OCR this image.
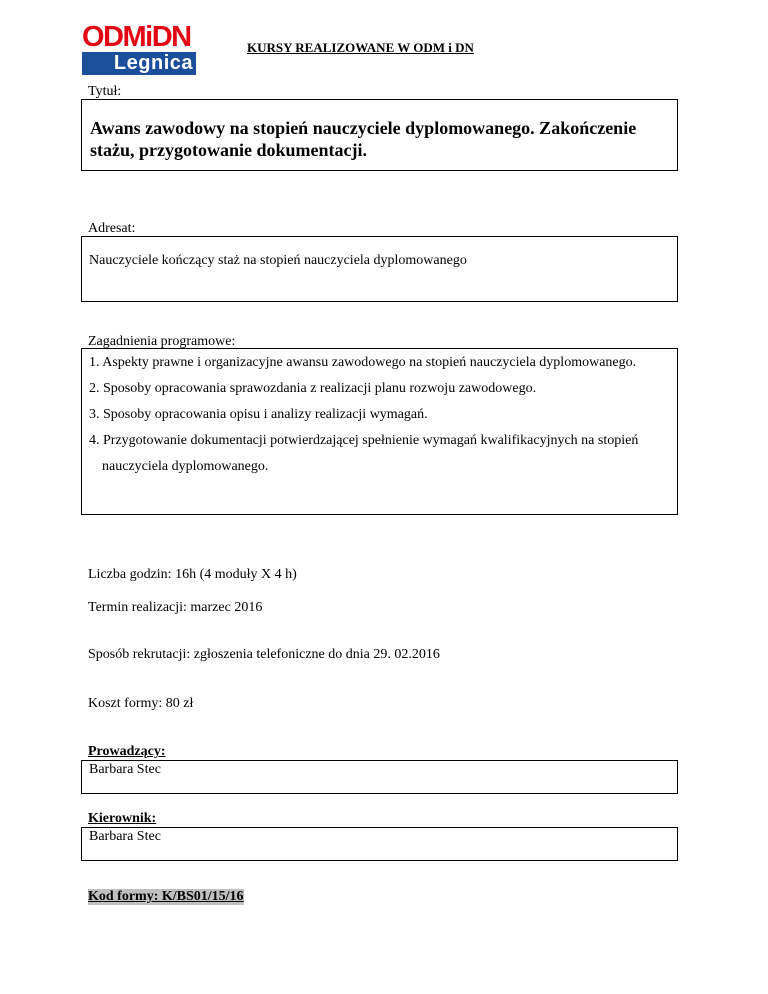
ODMiDN
Legnica
KURSY REALIZOWANE W ODM i DN
Tytuł:
Awans zawodowy na stopień nauczyciele dyplomowanego. Zakończenie stażu, przygotowanie dokumentacji.
Adresat:
Nauczyciele kończący staż na stopień nauczyciela dyplomowanego
Zagadnienia programowe:
1. Aspekty prawne i organizacyjne awansu zawodowego na stopień nauczyciela dyplomowanego.
2. Sposoby opracowania sprawozdania z realizacji planu rozwoju zawodowego.
3. Sposoby opracowania opisu i analizy realizacji wymagań.
4. Przygotowanie dokumentacji potwierdzającej spełnienie wymagań kwalifikacyjnych na stopień nauczyciela dyplomowanego.
Liczba godzin: 16h (4 moduły X 4 h)
Termin realizacji: marzec 2016
Sposób rekrutacji: zgłoszenia telefoniczne do dnia 29. 02.2016
Koszt formy: 80 zł
Prowadzący:
Barbara Stec
Kierownik:
Barbara Stec
Kod formy: K/BS01/15/16
